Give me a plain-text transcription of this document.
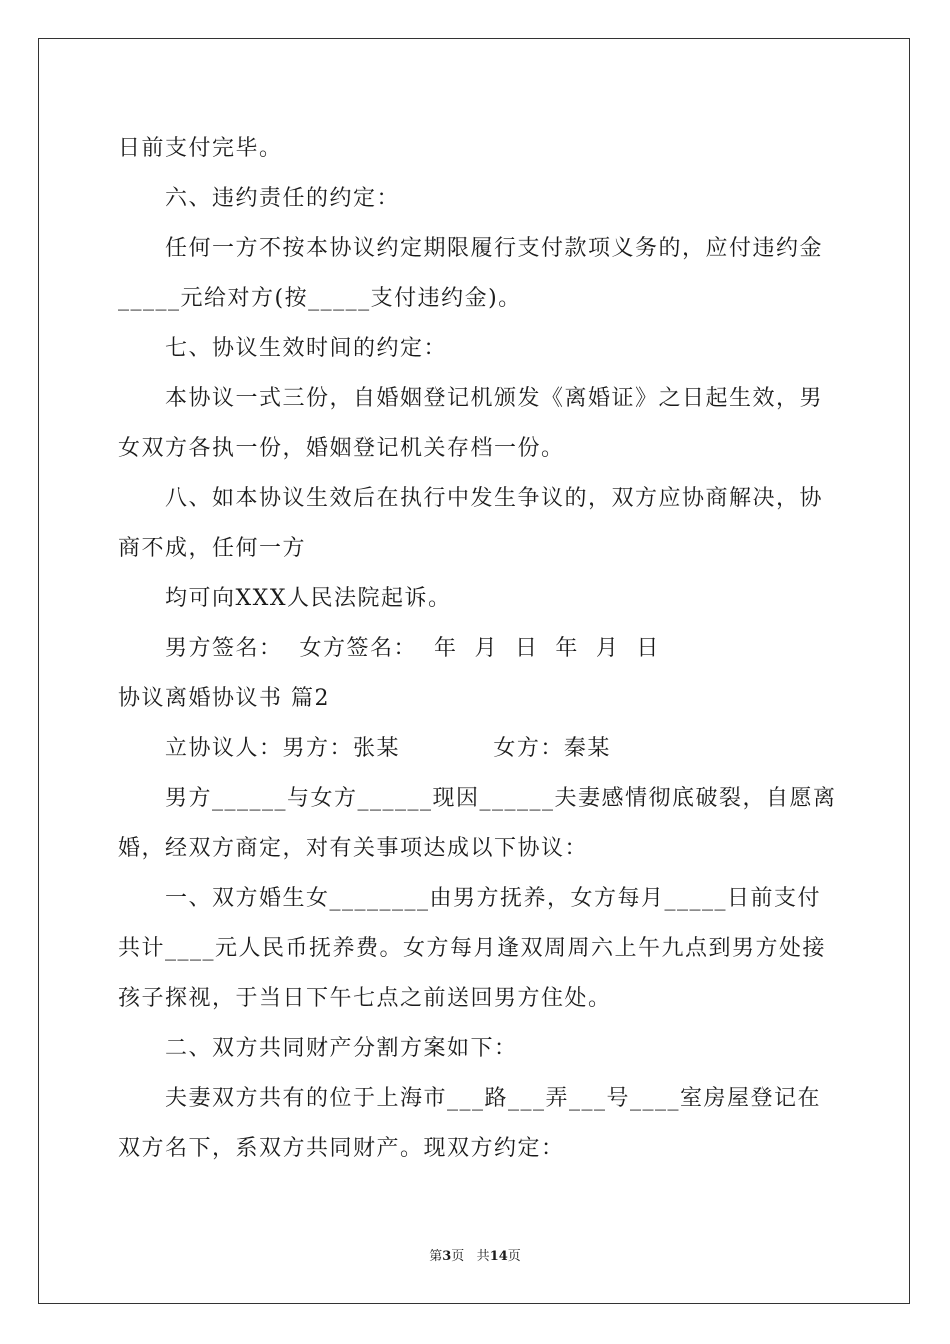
日前支付完毕。
六、违约责任的约定：
任何一方不按本协议约定期限履行支付款项义务的，应付违约金
_____元给对方(按_____支付违约金)。
七、协议生效时间的约定：
本协议一式三份，自婚姻登记机颁发《离婚证》之日起生效，男
女双方各执一份，婚姻登记机关存档一份。
八、如本协议生效后在执行中发生争议的，双方应协商解决，协
商不成，任何一方
均可向XXX人民法院起诉。
男方签名：  女方签名：  年  月  日  年  月  日
协议离婚协议书 篇2
立协议人：男方：张某           女方：秦某
男方______与女方______现因______夫妻感情彻底破裂，自愿离
婚，经双方商定，对有关事项达成以下协议：
一、双方婚生女________由男方抚养，女方每月_____日前支付
共计____元人民币抚养费。女方每月逢双周周六上午九点到男方处接
孩子探视，于当日下午七点之前送回男方住处。
二、双方共同财产分割方案如下：
夫妻双方共有的位于上海市___路___弄___号____室房屋登记在
双方名下，系双方共同财产。现双方约定：
第3页 共14页
